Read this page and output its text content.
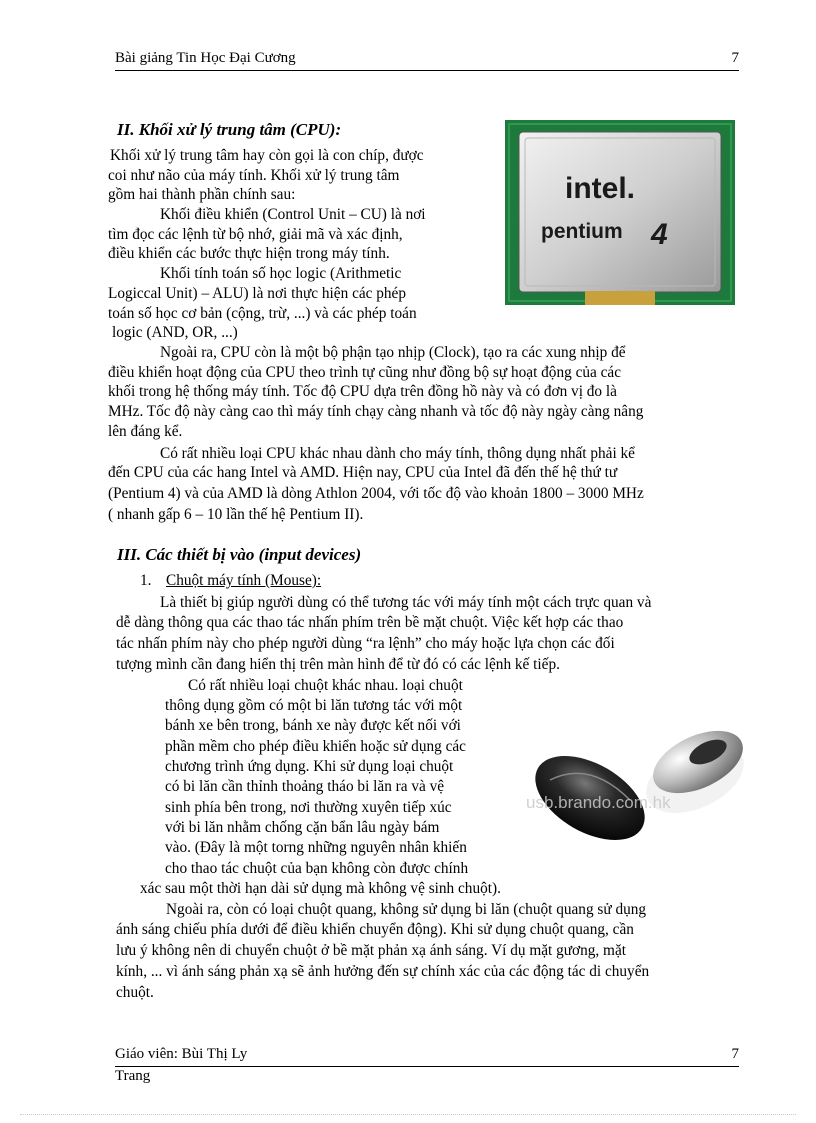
Bài giảng Tin Học Đại Cương	7
II. Khối xử lý trung tâm (CPU):
Khối xử lý trung tâm hay còn gọi là con chíp, được
coi như não của máy tính. Khối xử lý trung tâm
gồm hai thành phần chính sau:
Khối điều khiển (Control Unit – CU) là nơi
tìm đọc các lệnh từ bộ nhớ, giải mã và xác định,
điều khiển các bước thực hiện trong máy tính.
Khối tính toán số học logic (Arithmetic
Logiccal Unit) – ALU) là nơi thực hiện các phép
toán số học cơ bản (cộng, trừ, ...) và các phép toán
logic (AND, OR, ...)
Ngoài ra, CPU còn là một bộ phận tạo nhịp (Clock), tạo ra các xung nhịp để
điều khiển hoạt động của CPU theo trình tự cũng như đồng bộ sự hoạt động của các
khối trong hệ thống máy tính. Tốc độ CPU dựa trên đồng hồ này và có đơn vị đo là
MHz. Tốc độ này càng cao thì máy tính chạy càng nhanh và tốc độ này ngày càng nâng
lên đáng kể.
Có rất nhiều loại CPU khác nhau dành cho máy tính, thông dụng nhất phải kể
đến CPU của các hang Intel và AMD. Hiện nay, CPU của Intel đã đến thế hệ thứ tư
(Pentium 4) và của AMD là dòng Athlon 2004, với tốc độ vào khoản 1800 – 3000 MHz
( nhanh gấp 6 – 10 lần thế hệ Pentium II).
intel.
pentium 4
III. Các thiết bị vào (input devices)
1. Chuột máy tính (Mouse):
Là thiết bị giúp người dùng có thể tương tác với máy tính một cách trực quan và
dễ dàng thông qua các thao tác nhấn phím trên bề mặt chuột. Việc kết hợp các thao
tác nhấn phím này cho phép người dùng “ra lệnh” cho máy hoặc lựa chọn các đối
tượng mình cần đang hiển thị trên màn hình để từ đó có các lệnh kế tiếp.
Có rất nhiều loại chuột khác nhau. loại chuột
thông dụng gồm có một bi lăn tương tác với một
bánh xe bên trong, bánh xe này được kết nối với
phần mềm cho phép điều khiển hoặc sử dụng các
chương trình ứng dụng. Khi sử dụng loại chuột
có bi lăn cần thỉnh thoảng tháo bi lăn ra và vệ
sinh phía bên trong, nơi thường xuyên tiếp xúc
với bi lăn nhằm chống cặn bẩn lâu ngày bám
vào. (Đây là một torng những nguyên nhân khiến
cho thao tác chuột của bạn không còn được chính
xác sau một thời hạn dài sử dụng mà không vệ sinh chuột).
Ngoài ra, còn có loại chuột quang, không sử dụng bi lăn (chuột quang sử dụng
ánh sáng chiếu phía dưới để điều khiển chuyển động). Khi sử dụng chuột quang, cần
lưu ý không nên di chuyển chuột ở bề mặt phản xạ ánh sáng. Ví dụ mặt gương, mặt
kính, ... vì ánh sáng phản xạ sẽ ảnh hưởng đến sự chính xác của các động tác di chuyển
chuột.
usb.brando.com.hk
Giáo viên: Bùi Thị Ly	7
Trang
